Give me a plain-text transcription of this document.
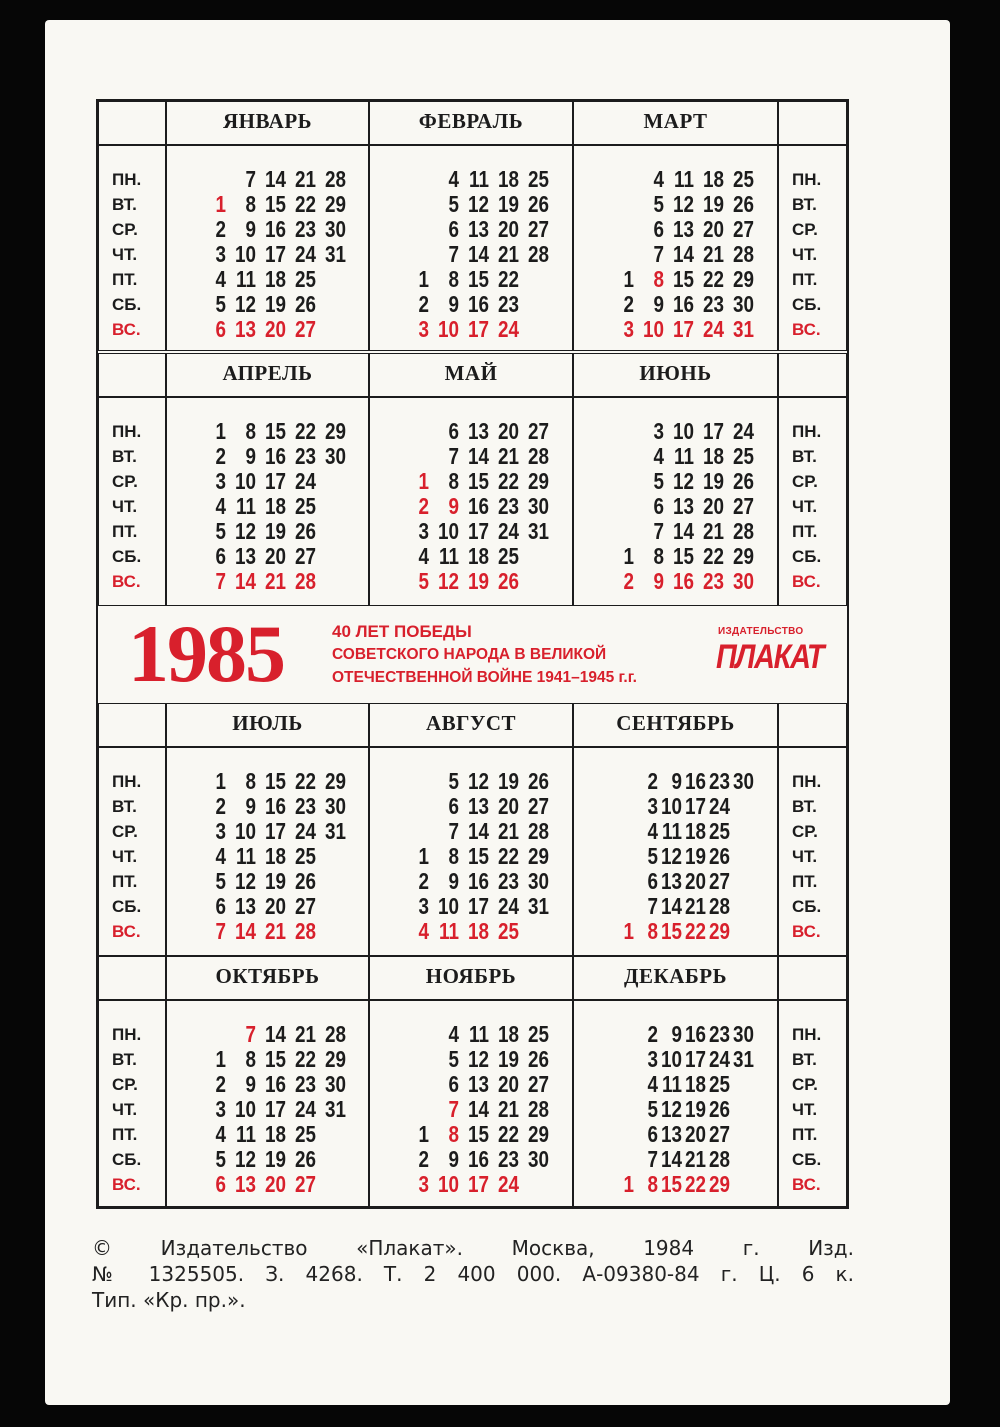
ПН.
ВТ.
СР.
ЧТ.
ПТ.
СБ.
ВС.
ПН.
ВТ.
СР.
ЧТ.
ПТ.
СБ.
ВС.
ЯНВАРЬ
7 14 21 28
1 8 15 22 29
2 9 16 23 30
3 10 17 24 31
4 11 18 25
5 12 19 26
6 13 20 27
ФЕВРАЛЬ
4 11 18 25
5 12 19 26
6 13 20 27
7 14 21 28
1 8 15 22
2 9 16 23
3 10 17 24
МАРТ
4 11 18 25
5 12 19 26
6 13 20 27
7 14 21 28
1 8 15 22 29
2 9 16 23 30
3 10 17 24 31
ПН.
ВТ.
СР.
ЧТ.
ПТ.
СБ.
ВС.
ПН.
ВТ.
СР.
ЧТ.
ПТ.
СБ.
ВС.
АПРЕЛЬ
1 8 15 22 29
2 9 16 23 30
3 10 17 24
4 11 18 25
5 12 19 26
6 13 20 27
7 14 21 28
МАЙ
6 13 20 27
7 14 21 28
1 8 15 22 29
2 9 16 23 30
3 10 17 24 31
4 11 18 25
5 12 19 26
ИЮНЬ
3 10 17 24
4 11 18 25
5 12 19 26
6 13 20 27
7 14 21 28
1 8 15 22 29
2 9 16 23 30
1985	40 ЛЕТ ПОБЕДЫ
СОВЕТСКОГО НАРОДА В ВЕЛИКОЙ
ОТЕЧЕСТВЕННОЙ ВОЙНЕ 1941–1945 г.г.
ИЗДАТЕЛЬСТВО
ПЛАКАТ
ПН.
ВТ.
СР.
ЧТ.
ПТ.
СБ.
ВС.
ПН.
ВТ.
СР.
ЧТ.
ПТ.
СБ.
ВС.
ИЮЛЬ
1 8 15 22 29
2 9 16 23 30
3 10 17 24 31
4 11 18 25
5 12 19 26
6 13 20 27
7 14 21 28
АВГУСТ
5 12 19 26
6 13 20 27
7 14 21 28
1 8 15 22 29
2 9 16 23 30
3 10 17 24 31
4 11 18 25
СЕНТЯБРЬ
2 9 16 23 30
3 10 17 24
4 11 18 25
5 12 19 26
6 13 20 27
7 14 21 28
1 8 15 22 29
ПН.
ВТ.
СР.
ЧТ.
ПТ.
СБ.
ВС.
ПН.
ВТ.
СР.
ЧТ.
ПТ.
СБ.
ВС.
ОКТЯБРЬ
7 14 21 28
1 8 15 22 29
2 9 16 23 30
3 10 17 24 31
4 11 18 25
5 12 19 26
6 13 20 27
НОЯБРЬ
4 11 18 25
5 12 19 26
6 13 20 27
7 14 21 28
1 8 15 22 29
2 9 16 23 30
3 10 17 24
ДЕКАБРЬ
2 9 16 23 30
3 10 17 24 31
4 11 18 25
5 12 19 26
6 13 20 27
7 14 21 28
1 8 15 22 29
© Издательство «Плакат». Москва, 1984 г. Изд.
№ 1325505. З. 4268. Т. 2 400 000. А-09380-84 г. Ц. 6 к.
Тип. «Кр. пр.».
